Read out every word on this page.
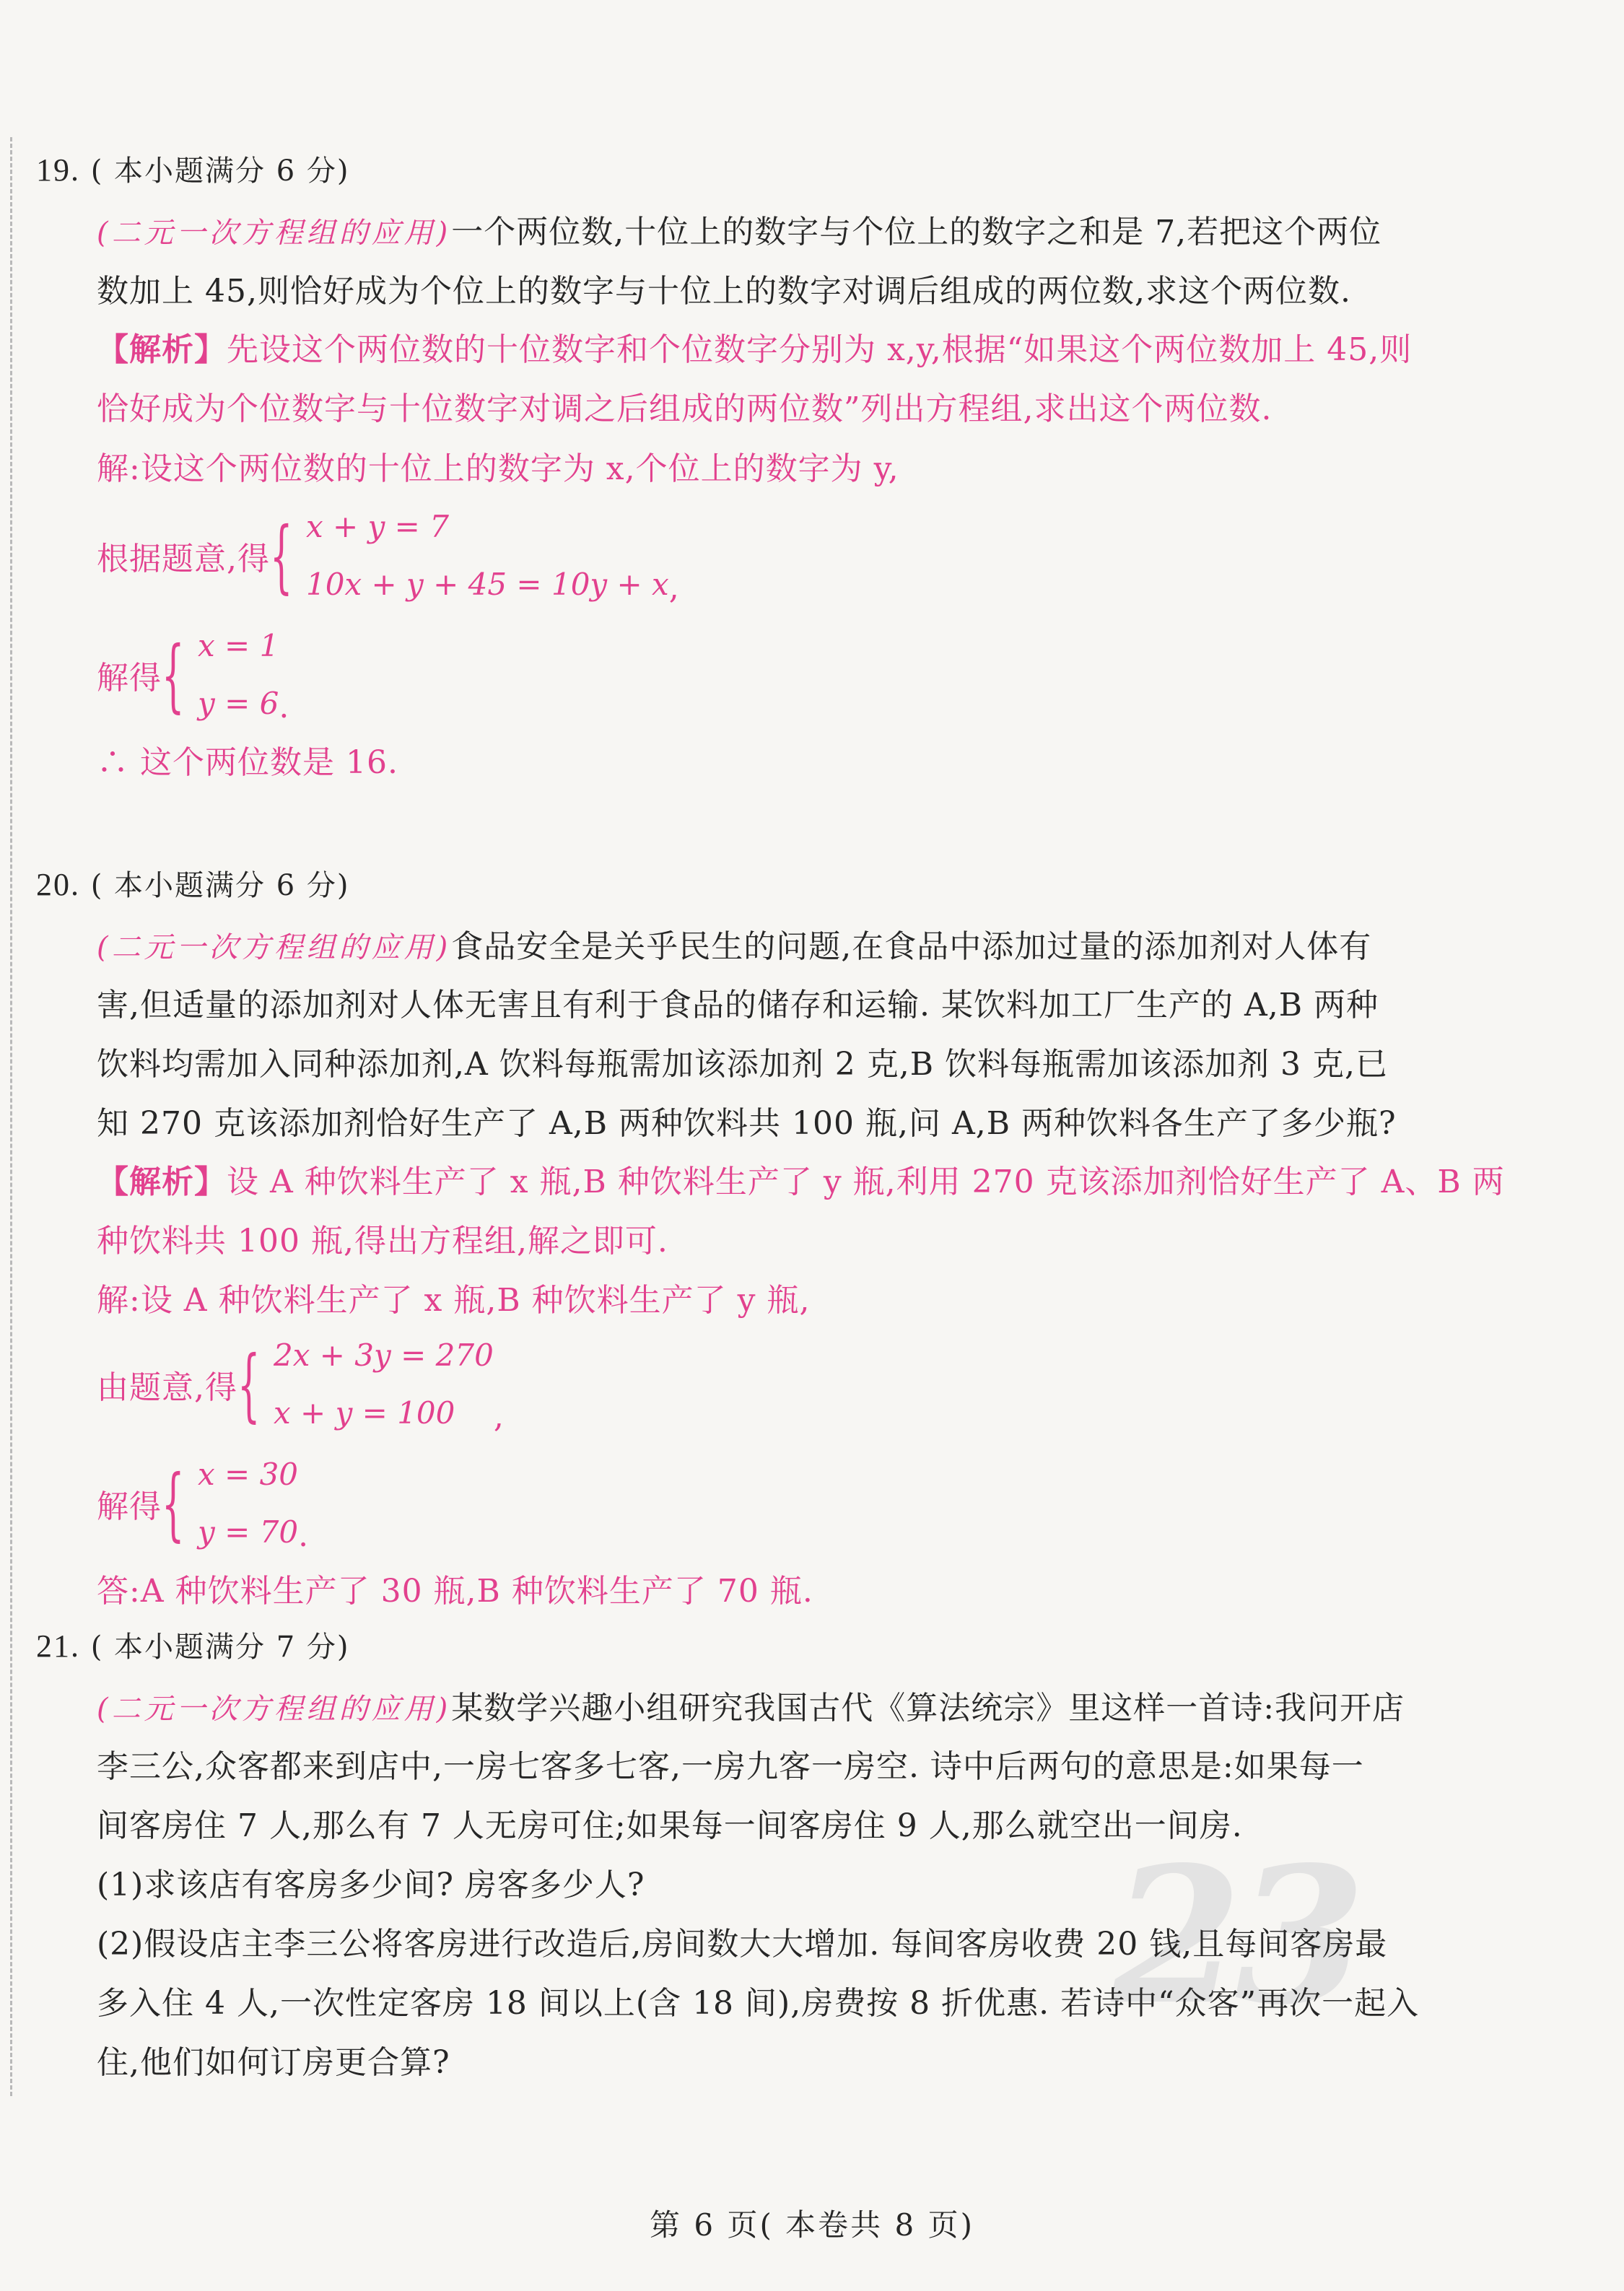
23
19. ( 本小题满分 6 分)
(二元一次方程组的应用)一个两位数,十位上的数字与个位上的数字之和是 7,若把这个两位
数加上 45,则恰好成为个位上的数字与十位上的数字对调后组成的两位数,求这个两位数.
【解析】先设这个两位数的十位数字和个位数字分别为 x,y,根据“如果这个两位数加上 45,则
恰好成为个位数字与十位数字对调之后组成的两位数”列出方程组,求出这个两位数.
解:设这个两位数的十位上的数字为 x,个位上的数字为 y,
根据题意,得 { x + y = 7
10x + y + 45 = 10y + x ,
解得 { x = 1
y = 6 .
∴ 这个两位数是 16.
20. ( 本小题满分 6 分)
(二元一次方程组的应用)食品安全是关乎民生的问题,在食品中添加过量的添加剂对人体有
害,但适量的添加剂对人体无害且有利于食品的储存和运输. 某饮料加工厂生产的 A,B 两种
饮料均需加入同种添加剂,A 饮料每瓶需加该添加剂 2 克,B 饮料每瓶需加该添加剂 3 克,已
知 270 克该添加剂恰好生产了 A,B 两种饮料共 100 瓶,问 A,B 两种饮料各生产了多少瓶?
【解析】设 A 种饮料生产了 x 瓶,B 种饮料生产了 y 瓶,利用 270 克该添加剂恰好生产了 A、B 两
种饮料共 100 瓶,得出方程组,解之即可.
解:设 A 种饮料生产了 x 瓶,B 种饮料生产了 y 瓶,
由题意,得 { 2x + 3y = 270
x + y = 100	,
解得 { x = 30
y = 70 .
答:A 种饮料生产了 30 瓶,B 种饮料生产了 70 瓶.
21. ( 本小题满分 7 分)
(二元一次方程组的应用)某数学兴趣小组研究我国古代《算法统宗》里这样一首诗:我问开店
李三公,众客都来到店中,一房七客多七客,一房九客一房空. 诗中后两句的意思是:如果每一
间客房住 7 人,那么有 7 人无房可住;如果每一间客房住 9 人,那么就空出一间房.
(1)求该店有客房多少间? 房客多少人?
(2)假设店主李三公将客房进行改造后,房间数大大增加. 每间客房收费 20 钱,且每间客房最
多入住 4 人,一次性定客房 18 间以上(含 18 间),房费按 8 折优惠. 若诗中“众客”再次一起入
住,他们如何订房更合算?
第 6 页( 本卷共 8 页)
